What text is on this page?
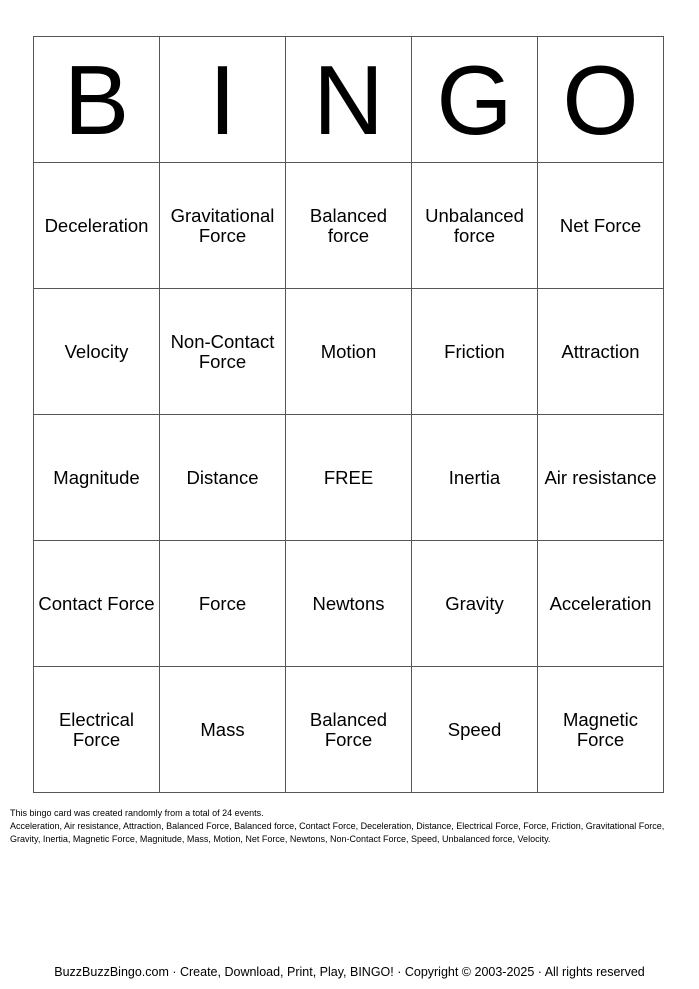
B	I	N	G	O
Deceleration	Gravitational Force	Balanced force	Unbalanced force	Net Force
Velocity	Non-Contact Force	Motion	Friction	Attraction
Magnitude	Distance	FREE	Inertia	Air resistance
Contact Force	Force	Newtons	Gravity	Acceleration
Electrical Force	Mass	Balanced Force	Speed	Magnetic Force
This bingo card was created randomly from a total of 24 events.
Acceleration, Air resistance, Attraction, Balanced Force, Balanced force, Contact Force, Deceleration, Distance, Electrical Force, Force, Friction, Gravitational Force, Gravity, Inertia, Magnetic Force, Magnitude, Mass, Motion, Net Force, Newtons, Non-Contact Force, Speed, Unbalanced force, Velocity.
BuzzBuzzBingo.com · Create, Download, Print, Play, BINGO! · Copyright © 2003-2025 · All rights reserved
